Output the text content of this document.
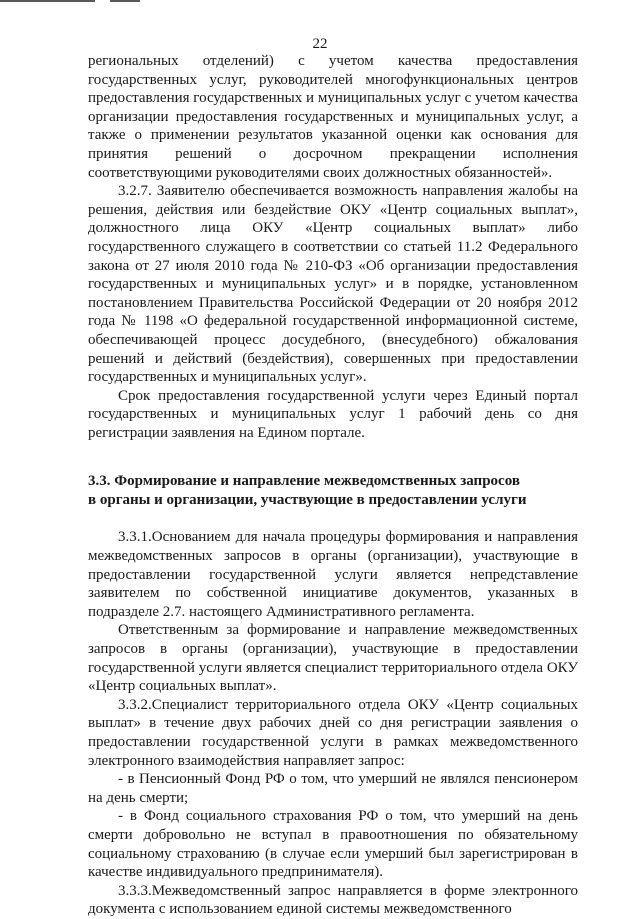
22

региональных отделений) с учетом качества предоставления государственных услуг, руководителей многофункциональных центров предоставления государственных и муниципальных услуг с учетом качества организации предоставления государственных и муниципальных услуг, а также о применении результатов указанной оценки как основания для принятия решений о досрочном прекращении исполнения соответствующими руководителями своих должностных обязанностей».

3.2.7. Заявителю обеспечивается возможность направления жалобы на решения, действия или бездействие ОКУ «Центр социальных выплат», должностного лица ОКУ «Центр социальных выплат» либо государственного служащего в соответствии со статьей 11.2 Федерального закона от 27 июля 2010 года № 210-ФЗ «Об организации предоставления государственных и муниципальных услуг» и в порядке, установленном постановлением Правительства Российской Федерации от 20 ноября 2012 года № 1198 «О федеральной государственной информационной системе, обеспечивающей процесс досудебного, (внесудебного) обжалования решений и действий (бездействия), совершенных при предоставлении государственных и муниципальных услуг».

Срок предоставления государственной услуги через Единый портал государственных и муниципальных услуг 1 рабочий день со дня регистрации заявления на Едином портале.

3.3. Формирование и направление межведомственных запросов

в органы и организации, участвующие в предоставлении услуги

3.3.1.Основанием для начала процедуры формирования и направления межведомственных запросов в органы (организации), участвующие в предоставлении государственной услуги является непредставление заявителем по собственной инициативе документов, указанных в подразделе 2.7. настоящего Административного регламента.

Ответственным за формирование и направление межведомственных запросов в органы (организации), участвующие в предоставлении государственной услуги является специалист территориального отдела ОКУ «Центр социальных выплат».

3.3.2.Специалист территориального отдела ОКУ «Центр социальных выплат» в течение двух рабочих дней со дня регистрации заявления о предоставлении государственной услуги в рамках межведомственного электронного взаимодействия направляет запрос:

- в Пенсионный Фонд РФ о том, что умерший не являлся пенсионером на день смерти;

- в Фонд социального страхования РФ о том, что умерший на день смерти добровольно не вступал в правоотношения по обязательному социальному страхованию (в случае если умерший был зарегистрирован в качестве индивидуального предпринимателя).

3.3.3.Межведомственный запрос направляется в форме электронного документа с использованием единой системы межведомственного
